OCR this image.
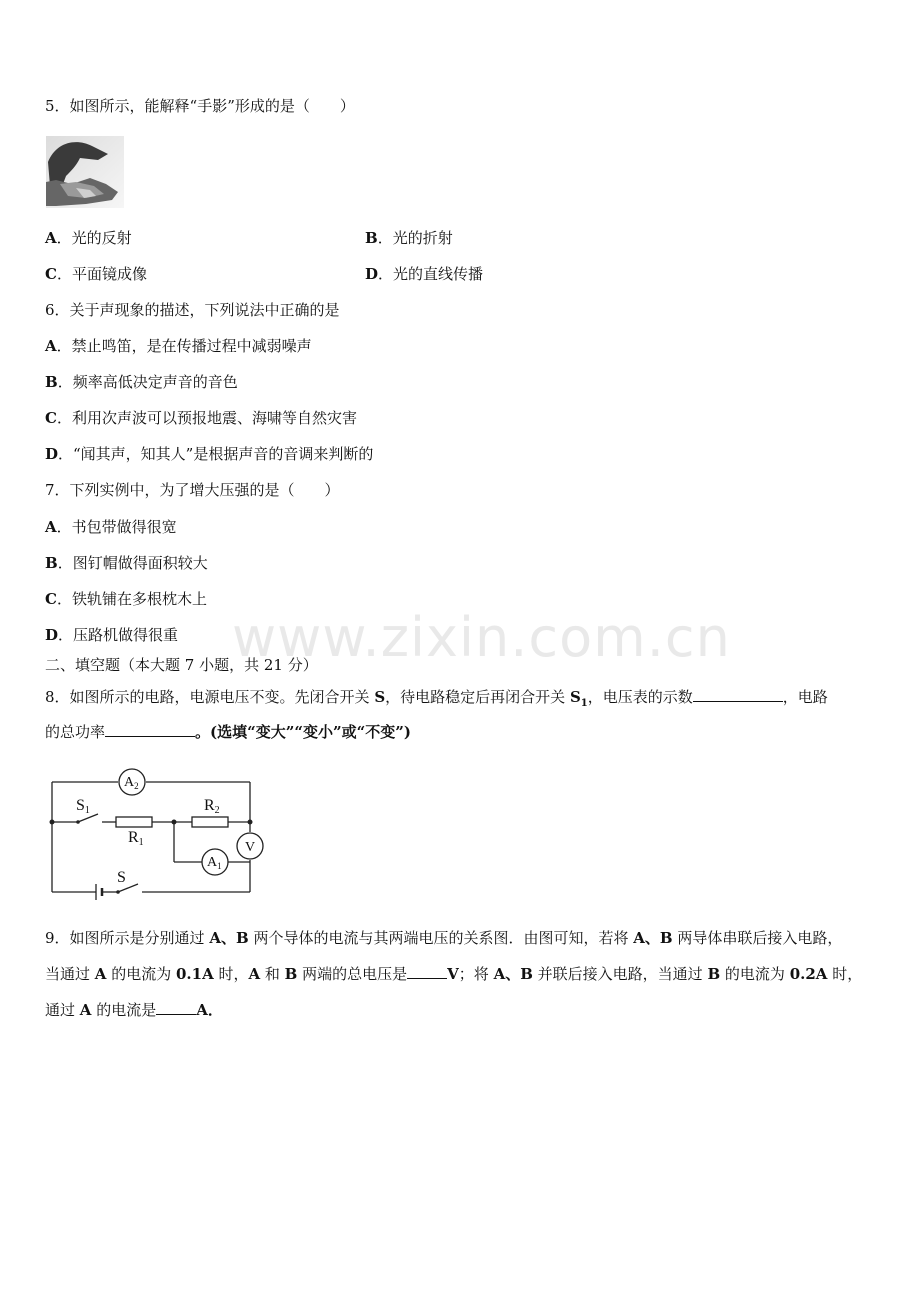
www.zixin.com.cn
5．如图所示，能解释“手影”形成的是（　　）
A．光的反射	B．光的折射
C．平面镜成像	D．光的直线传播
6．关于声现象的描述，下列说法中正确的是
A．禁止鸣笛，是在传播过程中减弱噪声
B．频率高低决定声音的音色
C．利用次声波可以预报地震、海啸等自然灾害
D．“闻其声，知其人”是根据声音的音调来判断的
7．下列实例中，为了增大压强的是（　　）
A．书包带做得很宽
B．图钉帽做得面积较大
C．铁轨铺在多根枕木上
D．压路机做得很重
二、填空题（本大题 7 小题，共 21 分）
8．如图所示的电路，电源电压不变。先闭合开关 S，待电路稳定后再闭合开关 $S_1$，电压表的示数	，电路
的总功率	。(选填“变大”“变小”或“不变”)
$A_2$
$A_1$
V
R1
R2
S1
S
9．如图所示是分别通过 A、B 两个导体的电流与其两端电压的关系图．由图可知，若将 A、B 两导体串联后接入电路，
当通过 A 的电流为 0.1A 时，A 和 B 两端的总电压是	V；将 A、B 并联后接入电路，当通过 B 的电流为 0.2A 时，
通过 A 的电流是	A．
